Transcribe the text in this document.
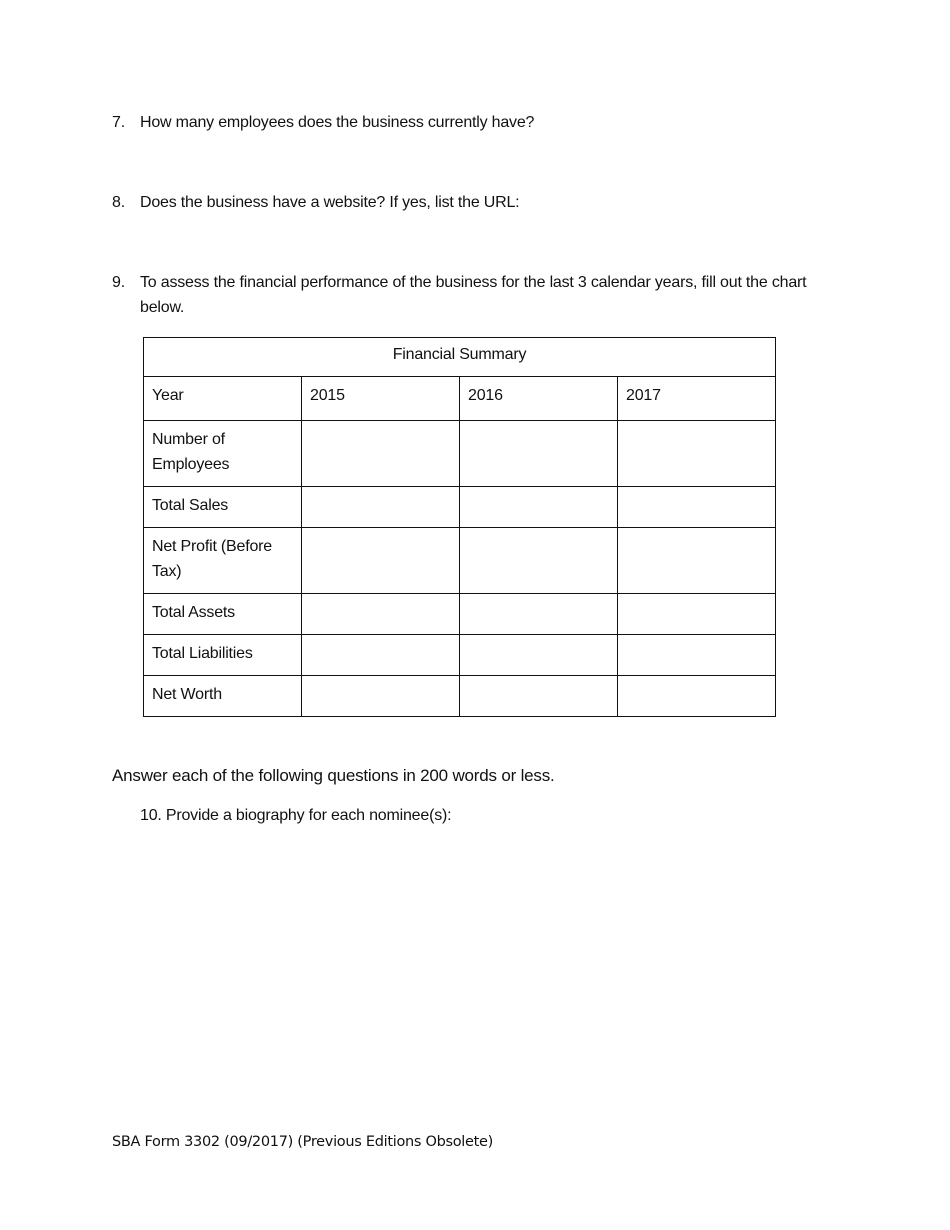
7. How many employees does the business currently have?
8. Does the business have a website? If yes, list the URL:
9. To assess the financial performance of the business for the last 3 calendar years, fill out the chart below.
Financial Summary			
Year	2015	2016	2017
Number of Employees			
Total Sales			
Net Profit (Before Tax)			
Total Assets			
Total Liabilities			
Net Worth			
Answer each of the following questions in 200 words or less.
10. Provide a biography for each nominee(s):
SBA Form 3302 (09/2017) (Previous Editions Obsolete)
